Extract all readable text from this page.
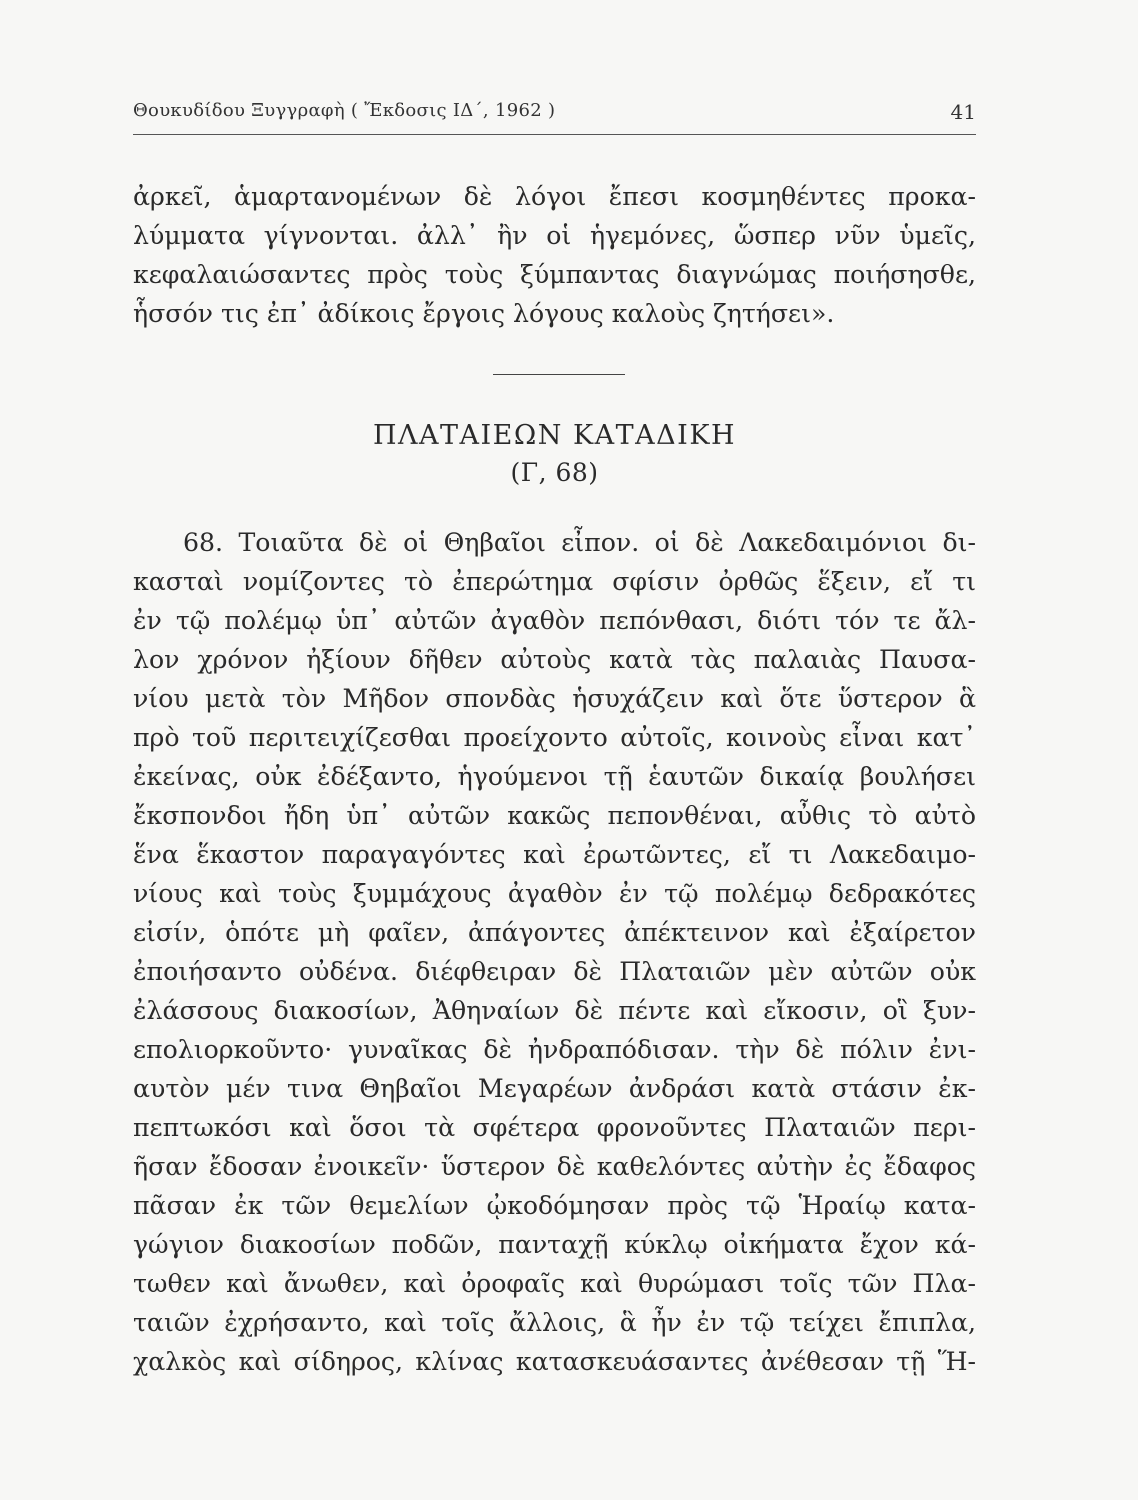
Θουκυδίδου Ξυγγραφὴ ( Ἔκδοσις ΙΔ΄, 1962 )	41
ἀρκεῖ, ἁμαρτανομένων δὲ λόγοι ἔπεσι κοσμηθέντες προκα-
λύμματα γίγνονται. ἀλλ᾽ ἢν οἱ ἡγεμόνες, ὥσπερ νῦν ὑμεῖς,
κεφαλαιώσαντες πρὸς τοὺς ξύμπαντας διαγνώμας ποιήσησθε,
ἧσσόν τις ἐπ᾽ ἀδίκοις ἔργοις λόγους καλοὺς ζητήσει».
ΠΛΑΤΑΙΕΩΝ ΚΑΤΑΔΙΚΗ
(Γ, 68)
68. Τοιαῦτα δὲ οἱ Θηβαῖοι εἶπον. οἱ δὲ Λακεδαιμόνιοι δι-
κασταὶ νομίζοντες τὸ ἐπερώτημα σφίσιν ὀρθῶς ἕξειν, εἴ τι
ἐν τῷ πολέμῳ ὑπ᾽ αὐτῶν ἀγαθὸν πεπόνθασι, διότι τόν τε ἄλ-
λον χρόνον ἠξίουν δῆθεν αὐτοὺς κατὰ τὰς παλαιὰς Παυσα-
νίου μετὰ τὸν Μῆδον σπονδὰς ἡσυχάζειν καὶ ὅτε ὕστερον ἃ
πρὸ τοῦ περιτειχίζεσθαι προείχοντο αὐτοῖς, κοινοὺς εἶναι κατ᾽
ἐκείνας, οὐκ ἐδέξαντο, ἡγούμενοι τῇ ἑαυτῶν δικαίᾳ βουλήσει
ἔκσπονδοι ἤδη ὑπ᾽ αὐτῶν κακῶς πεπονθέναι, αὖθις τὸ αὐτὸ
ἕνα ἕκαστον παραγαγόντες καὶ ἐρωτῶντες, εἴ τι Λακεδαιμο-
νίους καὶ τοὺς ξυμμάχους ἀγαθὸν ἐν τῷ πολέμῳ δεδρακότες
εἰσίν, ὁπότε μὴ φαῖεν, ἀπάγοντες ἀπέκτεινον καὶ ἐξαίρετον
ἐποιήσαντο οὐδένα. διέφθειραν δὲ Πλαταιῶν μὲν αὐτῶν οὐκ
ἐλάσσους διακοσίων, Ἀθηναίων δὲ πέντε καὶ εἴκοσιν, οἳ ξυν-
επολιορκοῦντο· γυναῖκας δὲ ἠνδραπόδισαν. τὴν δὲ πόλιν ἐνι-
αυτὸν μέν τινα Θηβαῖοι Μεγαρέων ἀνδράσι κατὰ στάσιν ἐκ-
πεπτωκόσι καὶ ὅσοι τὰ σφέτερα φρονοῦντες Πλαταιῶν περι-
ῆσαν ἔδοσαν ἐνοικεῖν· ὕστερον δὲ καθελόντες αὐτὴν ἐς ἔδαφος
πᾶσαν ἐκ τῶν θεμελίων ᾠκοδόμησαν πρὸς τῷ Ἡραίῳ κατα-
γώγιον διακοσίων ποδῶν, πανταχῇ κύκλῳ οἰκήματα ἔχον κά-
τωθεν καὶ ἄνωθεν, καὶ ὀροφαῖς καὶ θυρώμασι τοῖς τῶν Πλα-
ταιῶν ἐχρήσαντο, καὶ τοῖς ἄλλοις, ἃ ἦν ἐν τῷ τείχει ἔπιπλα,
χαλκὸς καὶ σίδηρος, κλίνας κατασκευάσαντες ἀνέθεσαν τῇ Ἥ-
